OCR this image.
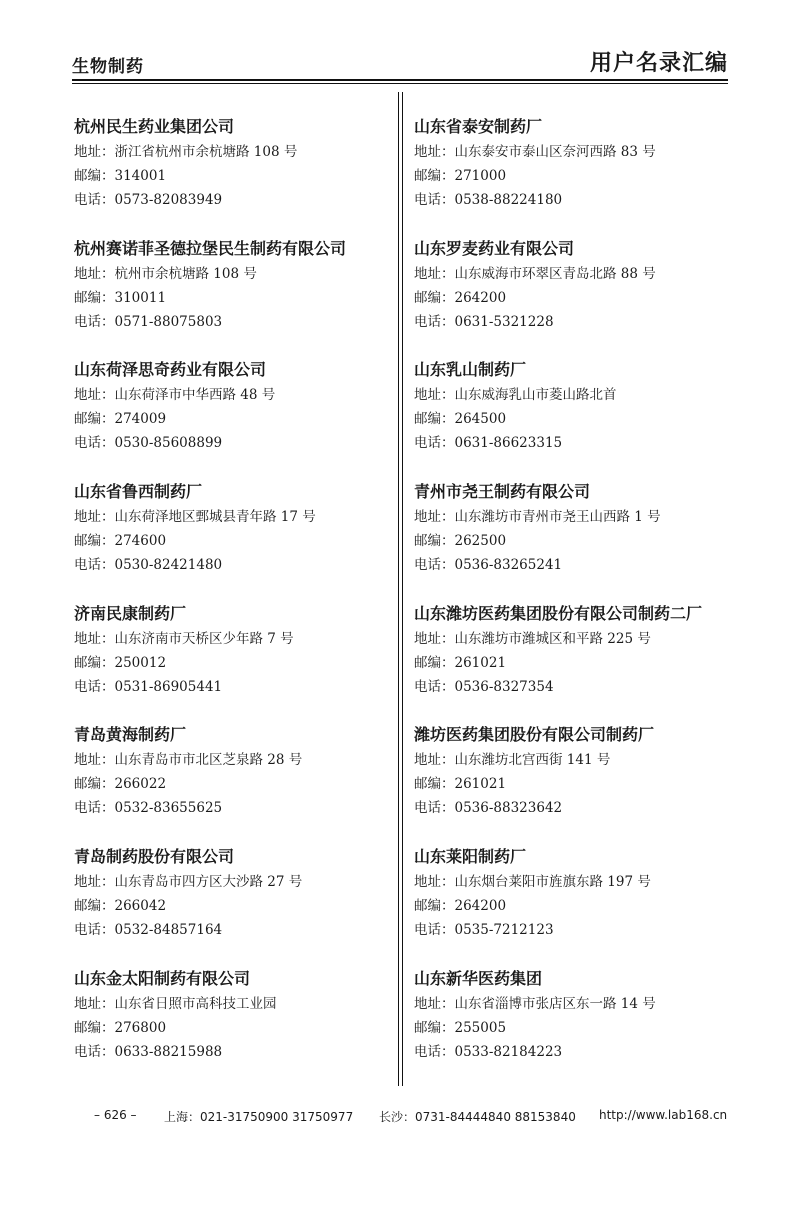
生物制药	用户名录汇编
杭州民生药业集团公司
地址：浙江省杭州市余杭塘路 108 号
邮编：314001
电话：0573-82083949
杭州赛诺菲圣德拉堡民生制药有限公司
地址：杭州市余杭塘路 108 号
邮编：310011
电话：0571-88075803
山东荷泽思奇药业有限公司
地址：山东荷泽市中华西路 48 号
邮编：274009
电话：0530-85608899
山东省鲁西制药厂
地址：山东荷泽地区鄄城县青年路 17 号
邮编：274600
电话：0530-82421480
济南民康制药厂
地址：山东济南市天桥区少年路 7 号
邮编：250012
电话：0531-86905441
青岛黄海制药厂
地址：山东青岛市市北区芝泉路 28 号
邮编：266022
电话：0532-83655625
青岛制药股份有限公司
地址：山东青岛市四方区大沙路 27 号
邮编：266042
电话：0532-84857164
山东金太阳制药有限公司
地址：山东省日照市高科技工业园
邮编：276800
电话：0633-88215988
山东省泰安制药厂
地址：山东泰安市泰山区奈河西路 83 号
邮编：271000
电话：0538-88224180
山东罗麦药业有限公司
地址：山东威海市环翠区青岛北路 88 号
邮编：264200
电话：0631-5321228
山东乳山制药厂
地址：山东威海乳山市菱山路北首
邮编：264500
电话：0631-86623315
青州市尧王制药有限公司
地址：山东潍坊市青州市尧王山西路 1 号
邮编：262500
电话：0536-83265241
山东潍坊医药集团股份有限公司制药二厂
地址：山东潍坊市潍城区和平路 225 号
邮编：261021
电话：0536-8327354
潍坊医药集团股份有限公司制药厂
地址：山东潍坊北宫西街 141 号
邮编：261021
电话：0536-88323642
山东莱阳制药厂
地址：山东烟台莱阳市旌旗东路 197 号
邮编：264200
电话：0535-7212123
山东新华医药集团
地址：山东省淄博市张店区东一路 14 号
邮编：255005
电话：0533-82184223
– 626 – 上海：021-31750900 31750977 长沙：0731-84444840 88153840 http://www.lab168.cn
